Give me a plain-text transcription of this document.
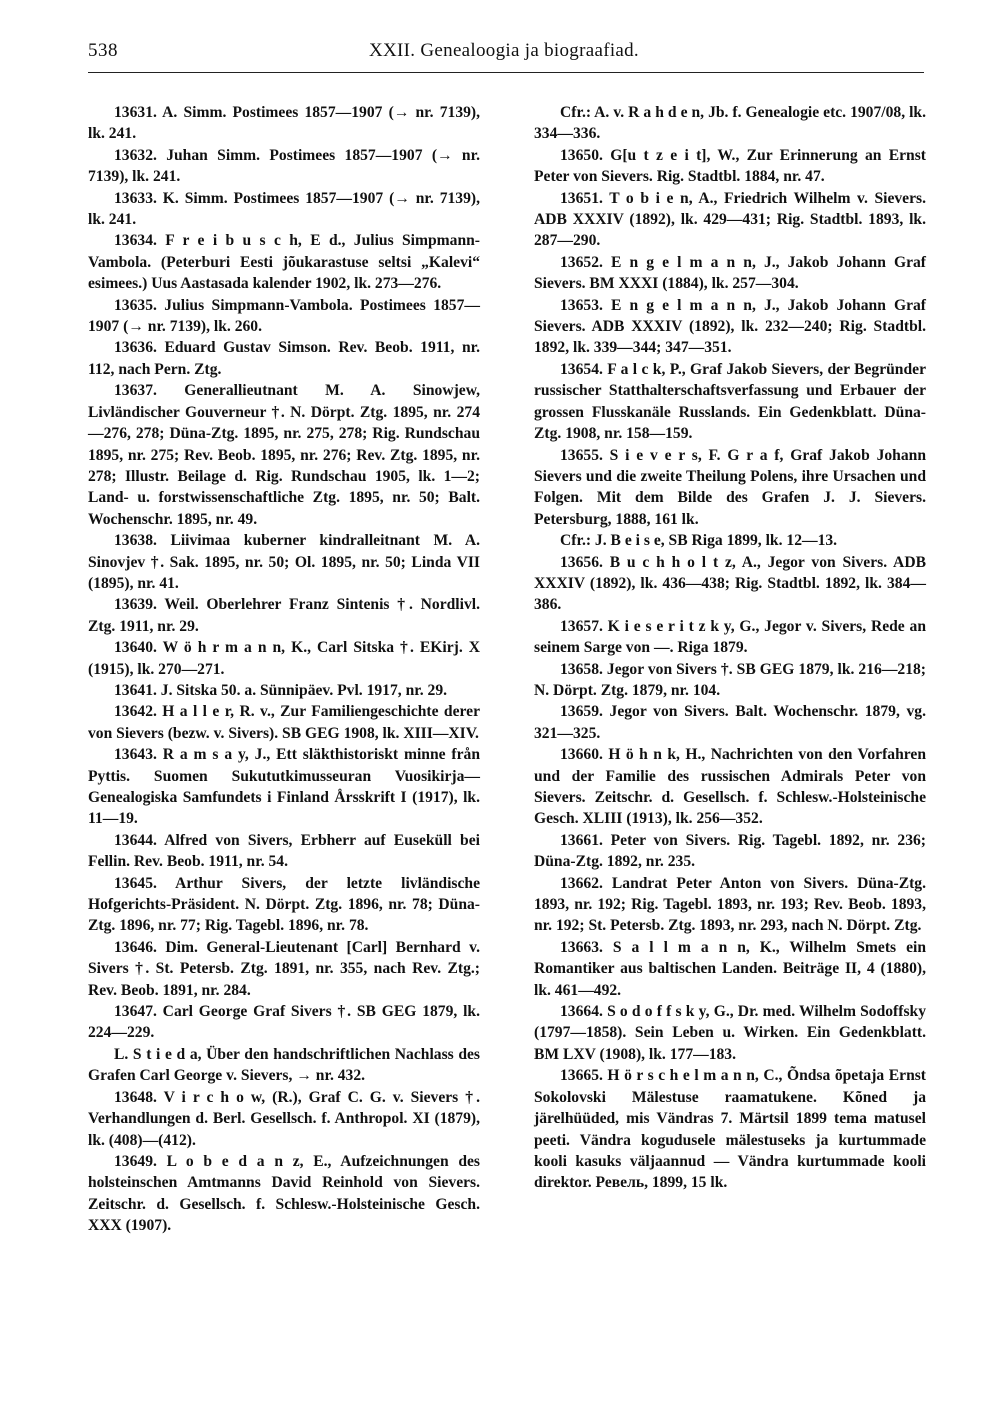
538	XXII. Genealoogia ja biograafiad.

13631. A. Simm. Postimees 1857—1907 (→ nr. 7139), lk. 241.

13632. Juhan Simm. Postimees 1857—1907 (→ nr. 7139), lk. 241.

13633. K. Simm. Postimees 1857—1907 (→ nr. 7139), lk. 241.

13634. F r e i b u s c h, E d., Julius Simpmann-Vambola. (Peterburi Eesti jõukarastuse seltsi „Kalevi“ esimees.) Uus Aastasada kalender 1902, lk. 273—276.

13635. Julius Simpmann-Vambola. Postimees 1857—1907 (→ nr. 7139), lk. 260.

13636. Eduard Gustav Simson. Rev. Beob. 1911, nr. 112, nach Pern. Ztg.

13637. Generallieutnant M. A. Sinowjew, Livländischer Gouverneur †. N. Dörpt. Ztg. 1895, nr. 274—276, 278; Düna-Ztg. 1895, nr. 275, 278; Rig. Rundschau 1895, nr. 275; Rev. Beob. 1895, nr. 276; Rev. Ztg. 1895, nr. 278; Illustr. Beilage d. Rig. Rundschau 1905, lk. 1—2; Land- u. forstwissenschaftliche Ztg. 1895, nr. 50; Balt. Wochenschr. 1895, nr. 49.

13638. Liivimaa kuberner kindralleitnant M. A. Sinovjev †. Sak. 1895, nr. 50; Ol. 1895, nr. 50; Linda VII (1895), nr. 41.

13639. Weil. Oberlehrer Franz Sintenis †. Nordlivl. Ztg. 1911, nr. 29.

13640. W ö h r m a n n, K., Carl Sitska †. EKirj. X (1915), lk. 270—271.

13641. J. Sitska 50. a. Sünnipäev. Pvl. 1917, nr. 29.

13642. H a l l e r, R. v., Zur Familiengeschichte derer von Sievers (bezw. v. Sivers). SB GEG 1908, lk. XIII—XIV.

13643. R a m s a y, J., Ett släkthistoriskt minne från Pyttis. Suomen Sukututkimusseuran Vuosikirja—Genealogiska Samfundets i Finland Årsskrift I (1917), lk. 11—19.

13644. Alfred von Sivers, Erbherr auf Euseküll bei Fellin. Rev. Beob. 1911, nr. 54.

13645. Arthur Sivers, der letzte livländische Hofgerichts-Präsident. N. Dörpt. Ztg. 1896, nr. 78; Düna-Ztg. 1896, nr. 77; Rig. Tagebl. 1896, nr. 78.

13646. Dim. General-Lieutenant [Carl] Bernhard v. Sivers †. St. Petersb. Ztg. 1891, nr. 355, nach Rev. Ztg.; Rev. Beob. 1891, nr. 284.

13647. Carl George Graf Sivers †. SB GEG 1879, lk. 224—229.

L. S t i e d a, Über den handschriftlichen Nachlass des Grafen Carl George v. Sievers, → nr. 432.

13648. V i r c h o w, (R.), Graf C. G. v. Sievers †. Verhandlungen d. Berl. Gesellsch. f. Anthropol. XI (1879), lk. (408)—(412).

13649. L o b e d a n z, E., Aufzeichnungen des holsteinschen Amtmanns David Reinhold von Sievers. Zeitschr. d. Gesellsch. f. Schlesw.-Holsteinische Gesch. XXX (1907).

Cfr.: A. v. R a h d e n, Jb. f. Genealogie etc. 1907/08, lk. 334—336.

13650. G[u t z e i t], W., Zur Erinnerung an Ernst Peter von Sievers. Rig. Stadtbl. 1884, nr. 47.

13651. T o b i e n, A., Friedrich Wilhelm v. Sievers. ADB XXXIV (1892), lk. 429—431; Rig. Stadtbl. 1893, lk. 287—290.

13652. E n g e l m a n n, J., Jakob Johann Graf Sievers. BM XXXI (1884), lk. 257—304.

13653. E n g e l m a n n, J., Jakob Johann Graf Sievers. ADB XXXIV (1892), lk. 232—240; Rig. Stadtbl. 1892, lk. 339—344; 347—351.

13654. F a l c k, P., Graf Jakob Sievers, der Begründer russischer Statthalterschaftsverfassung und Erbauer der grossen Flusskanäle Russlands. Ein Gedenkblatt. Düna-Ztg. 1908, nr. 158—159.

13655. S i e v e r s, F. G r a f, Graf Jakob Johann Sievers und die zweite Theilung Polens, ihre Ursachen und Folgen. Mit dem Bilde des Grafen J. J. Sievers. Petersburg, 1888, 161 lk.

Cfr.: J. B e i s e, SB Riga 1899, lk. 12—13.

13656. B u c h h o l t z, A., Jegor von Sivers. ADB XXXIV (1892), lk. 436—438; Rig. Stadtbl. 1892, lk. 384—386.

13657. K i e s e r i t z k y, G., Jegor v. Sivers, Rede an seinem Sarge von —. Riga 1879.

13658. Jegor von Sivers †. SB GEG 1879, lk. 216—218; N. Dörpt. Ztg. 1879, nr. 104.

13659. Jegor von Sivers. Balt. Wochenschr. 1879, vg. 321—325.

13660. H ö h n k, H., Nachrichten von den Vorfahren und der Familie des russischen Admirals Peter von Sievers. Zeitschr. d. Gesellsch. f. Schlesw.-Holsteinische Gesch. XLIII (1913), lk. 256—352.

13661. Peter von Sivers. Rig. Tagebl. 1892, nr. 236; Düna-Ztg. 1892, nr. 235.

13662. Landrat Peter Anton von Sivers. Düna-Ztg. 1893, nr. 192; Rig. Tagebl. 1893, nr. 193; Rev. Beob. 1893, nr. 192; St. Petersb. Ztg. 1893, nr. 293, nach N. Dörpt. Ztg.

13663. S a l l m a n n, K., Wilhelm Smets ein Romantiker aus baltischen Landen. Beiträge II, 4 (1880), lk. 461—492.

13664. S o d o f f s k y, G., Dr. med. Wilhelm Sodoffsky (1797—1858). Sein Leben u. Wirken. Ein Gedenkblatt. BM LXV (1908), lk. 177—183.

13665. H ö r s c h e l m a n n, C., Õndsa õpetaja Ernst Sokolovski Mälestuse raamatukene. Kõned ja järelhüüded, mis Vändras 7. Märtsil 1899 tema matusel peeti. Vändra kogudusele mälestuseks ja kurtummade kooli kasuks väljaannud — Vändra kurtummade kooli direktor. Ревель, 1899, 15 lk.
